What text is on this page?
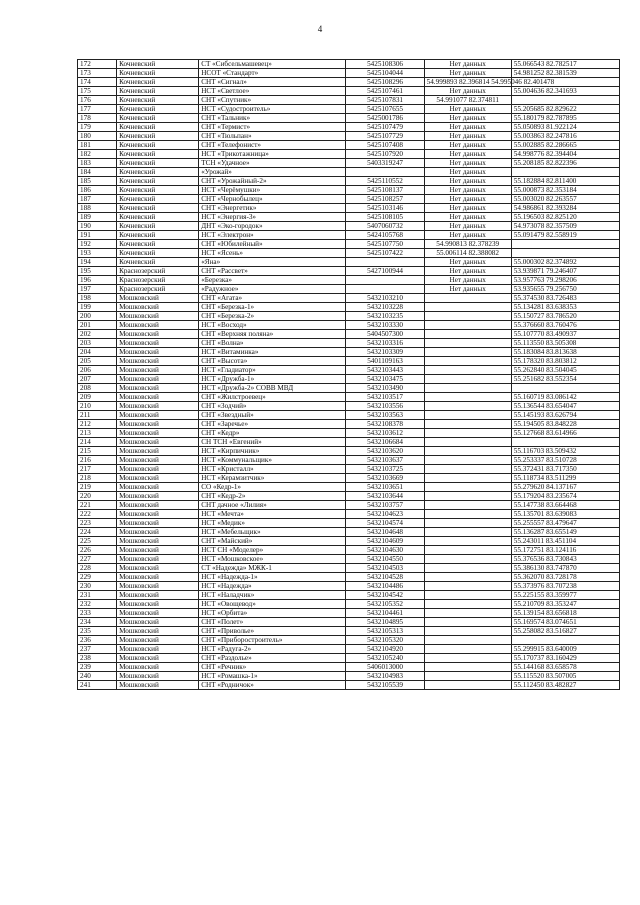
4
172	Кочневский	СТ «Сибсельмашевец»	5425108306	Нет данных	55.066543 82.782517
173	Кочневский	НСОТ «Стандарт»	5425104044	Нет данных	54.981252 82.381539
174	Кочневский	СНТ «Сигнал»	5425108296	54.999893 82.396814 54.995046 82.401478	
175	Кочневский	НСТ «Светлое»	5425107461	Нет данных	55.004636 82.341693
176	Кочневский	СНТ «Спутник»	5425107831	54.991077 82.374811	
177	Кочневский	НСТ «Судостроитель»	5425107655	Нет данных	55.205685 82.829622
178	Кочневский	СНТ «Тальник»	5425001786	Нет данных	55.180179 82.787895
179	Кочневский	СНТ «Термист»	5425107479	Нет данных	55.050893 81.922124
180	Кочневский	СНТ «Тюльпан»	5425107729	Нет данных	55.003863 82.247816
181	Кочневский	СНТ «Телефонист»	5425107408	Нет данных	55.002885 82.286665
182	Кочневский	НСТ «Трикотажница»	5425107920	Нет данных	54.998776 82.394404
183	Кочневский	ТСН «Удачное»	5403319247	Нет данных	55.208185 82.822396
184	Кочневский	«Урожай»		Нет данных	
185	Кочневский	СНТ «Урожайный-2»	5425110552	Нет данных	55.182884 82.811400
186	Кочневский	НСТ «Черёмушки»	5425108137	Нет данных	55.000873 82.353184
187	Кочневский	СНТ «Чернобылец»	5425108257	Нет данных	55.003020 82.263557
188	Кочневский	СНТ «Энергетик»	5425103146	Нет данных	54.986861 82.393284
189	Кочневский	НСТ «Энергия-3»	5425108105	Нет данных	55.196503 82.825120
190	Кочневский	ДНТ «Эко-городок»	5407060732	Нет данных	54.973078 82.357509
191	Кочневский	НСТ «Электрон»	5424105768	Нет данных	55.091479 82.558919
192	Кочневский	СНТ «Юбилейный»	5425107750	54.990813 82.378239	
193	Кочневский	НСТ «Ясень»	5425107422	55.006114 82.388082	
194	Кочневский	«Яна»		Нет данных	55.000302 82.374892
195	Краснозерский	СНТ «Рассвет»	5427100944	Нет данных	53.939871 79.246407
196	Краснозерский	«Березка»		Нет данных	53.957763 79.298206
197	Краснозерский	«Радужное»		Нет данных	53.935655 79.256750
198	Мошковский	СНТ «Агата»	5432103210		55.374530 83.726483
199	Мошковский	СНТ «Березка-1»	5432103228		55.134281 83.638353
200	Мошковский	СНТ «Березка-2»	5432103235		55.150727 83.786520
201	Мошковский	НСТ «Восход»	5432103330		55.376660 83.760476
202	Мошковский	СНТ «Верхняя поляна»	5404507300		55.107770 83.490937
203	Мошковский	СНТ «Волна»	5432103316		55.113550 83.505308
204	Мошковский	НСТ «Витаминка»	5432103309		55.183084 83.813638
205	Мошковский	СНТ «Высота»	5401109163		55.178320 83.803812
206	Мошковский	НСТ «Гладиатор»	5432103443		55.262840 83.504045
207	Мошковский	НСТ «Дружба-1»	5432103475		55.251682 83.552354
208	Мошковский	НСТ «Дружба-2» СОВВ МВД	5432103490		
209	Мошковский	СНТ «Жилстроевец»	5432103517		55.160719 83.086142
210	Мошковский	СНТ «Зодчий»	5432103556		55.136544 83.654047
211	Мошковский	СНТ «Звездный»	5432103563		55.145193 83.626794
212	Мошковский	СНТ «Заречье»	5432108378		55.194505 83.848228
213	Мошковский	СНТ «Кедр»	5432103612		55.127668 83.614966
214	Мошковский	СН ТСН «Евгений»	5432106684		
215	Мошковский	НСТ «Кирпичник»	5432103620		55.116703 83.509432
216	Мошковский	НСТ «Коммунальщик»	5432103637		55.253337 83.510728
217	Мошковский	НСТ «Кристалл»	5432103725		55.372431 83.717350
218	Мошковский	НСТ «Керамзитчик»	5432103669		55.118734 83.511299
219	Мошковский	СО «Кедр-1»	5432103651		55.279620 84.137167
220	Мошковский	СНТ «Кедр-2»	5432103644		55.179204 83.235674
221	Мошковский	СНТ дачное «Лилия»	5432103757		55.147738 83.664468
222	Мошковский	НСТ «Мечта»	5432104623		55.135701 83.639083
223	Мошковский	НСТ «Медик»	5432104574		55.255557 83.479647
224	Мошковский	НСТ «Мебельщик»	5432104648		55.136287 83.655149
225	Мошковский	СНТ «Майский»	5432104609		55.243011 83.451104
226	Мошковский	НСТ СН «Моделер»	5432104630		55.172751 83.124116
227	Мошковский	НСТ «Мошковское»	5432104550		55.376536 83.730843
228	Мошковский	СТ «Надежда» МЖК-1	5432104503		55.386130 83.747870
229	Мошковский	НСТ «Надежда-1»	5432104528		55.362070 83.728178
230	Мошковский	НСТ «Надежда»	5432104486		55.373976 83.707238
231	Мошковский	НСТ «Наладчик»	5432104542		55.225155 83.359977
232	Мошковский	НСТ «Овощевод»	5432105352		55.210709 83.353247
233	Мошковский	НСТ «Орбита»	5432104461		55.139154 83.656818
234	Мошковский	СНТ «Полет»	5432104895		55.169574 83.074651
235	Мошковский	СНТ «Приволье»	5432105313		55.258082 83.516827
236	Мошковский	СНТ «Приборостроитель»	5432105320		
237	Мошковский	НСТ «Радуга-2»	5432104920		55.299915 83.640009
238	Мошковский	СНТ «Раздолье»	5432105240		55.170737 83.160429
239	Мошковский	СНТ «Речник»	5406013000		55.144168 83.658578
240	Мошковский	НСТ «Ромашка-1»	5432104983		55.115520 83.507005
241	Мошковский	СНТ «Родничок»	5432105539		55.112450 83.482827
